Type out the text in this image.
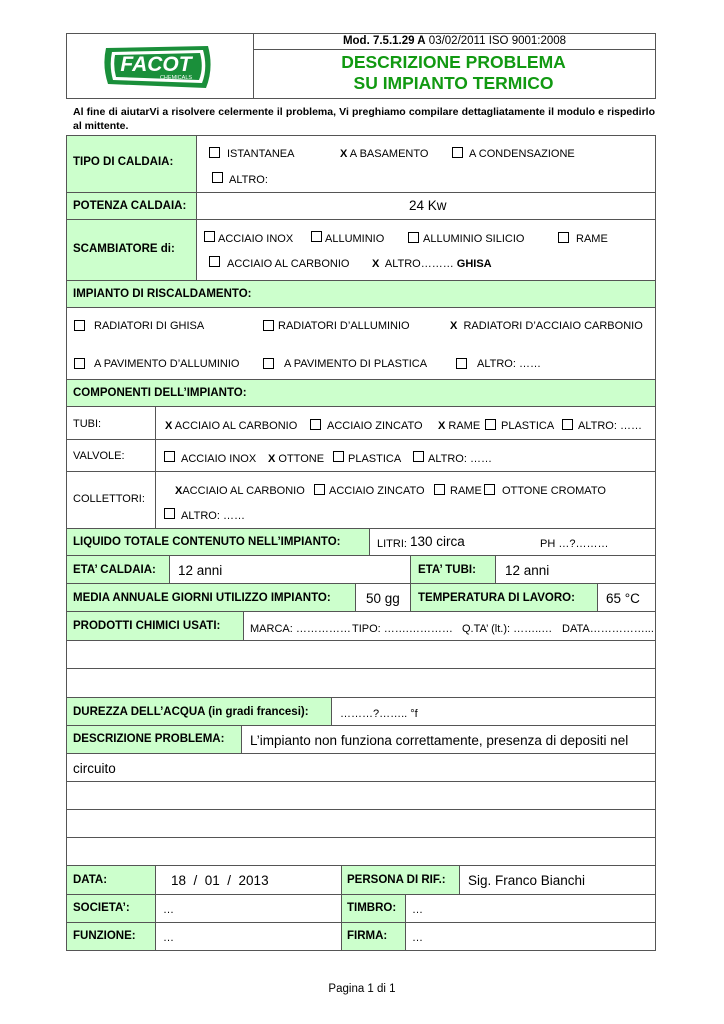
FACOT
CHEMICALS
Mod. 7.5.1.29 A 03/02/2011 ISO 9001:2008
DESCRIZIONE PROBLEMA
SU IMPIANTO TERMICO
Al fine di aiutarVi a risolvere celermente il problema, Vi preghiamo compilare dettagliatamente il modulo e rispedirlo al mittente.
TIPO DI CALDAIA:
ISTANTANEA	X A BASAMENTO	A CONDENSAZIONE
ALTRO:
POTENZA CALDAIA:	24 Kw
SCAMBIATORE di:
ACCIAIO INOX	ALLUMINIO	ALLUMINIO SILICIO	RAME
ACCIAIO AL CARBONIO X ALTRO……… GHISA
IMPIANTO DI RISCALDAMENTO:
RADIATORI DI GHISA	RADIATORI D’ALLUMINIO	X RADIATORI D’ACCIAIO CARBONIO
A PAVIMENTO D’ALLUMINIO	A PAVIMENTO DI PLASTICA	ALTRO: ……
COMPONENTI DELL’IMPIANTO:
TUBI:	X ACCIAIO AL CARBONIO	ACCIAIO ZINCATO X RAME PLASTICA ALTRO: ……
VALVOLE:	ACCIAIO INOX X OTTONE PLASTICA ALTRO: ……
COLLETTORI:
XACCIAIO AL CARBONIO ACCIAIO ZINCATO RAME OTTONE CROMATO
ALTRO: ……
LIQUIDO TOTALE CONTENUTO NELL’IMPIANTO:	LITRI: 130 circa	PH …?………
ETA’ CALDAIA: 12 anni	ETA’ TUBI: 12 anni
MEDIA ANNUALE GIORNI UTILIZZO IMPIANTO:	50 gg TEMPERATURA DI LAVORO: 65 °C
PRODOTTI CHIMICI USATI:	MARCA: …………… TIPO: …….………… Q.TA’ (lt.): ……..… DATA……………...
DUREZZA DELL’ACQUA (in gradi francesi):	………?…….. °f
DESCRIZIONE PROBLEMA: L’impianto non funziona correttamente, presenza di depositi nel
circuito
DATA:	18  /  01  /  2013	PERSONA DI RIF.: Sig. Franco Bianchi
SOCIETA’:	…	TIMBRO: …
FUNZIONE: …	FIRMA: …
Pagina 1 di 1
